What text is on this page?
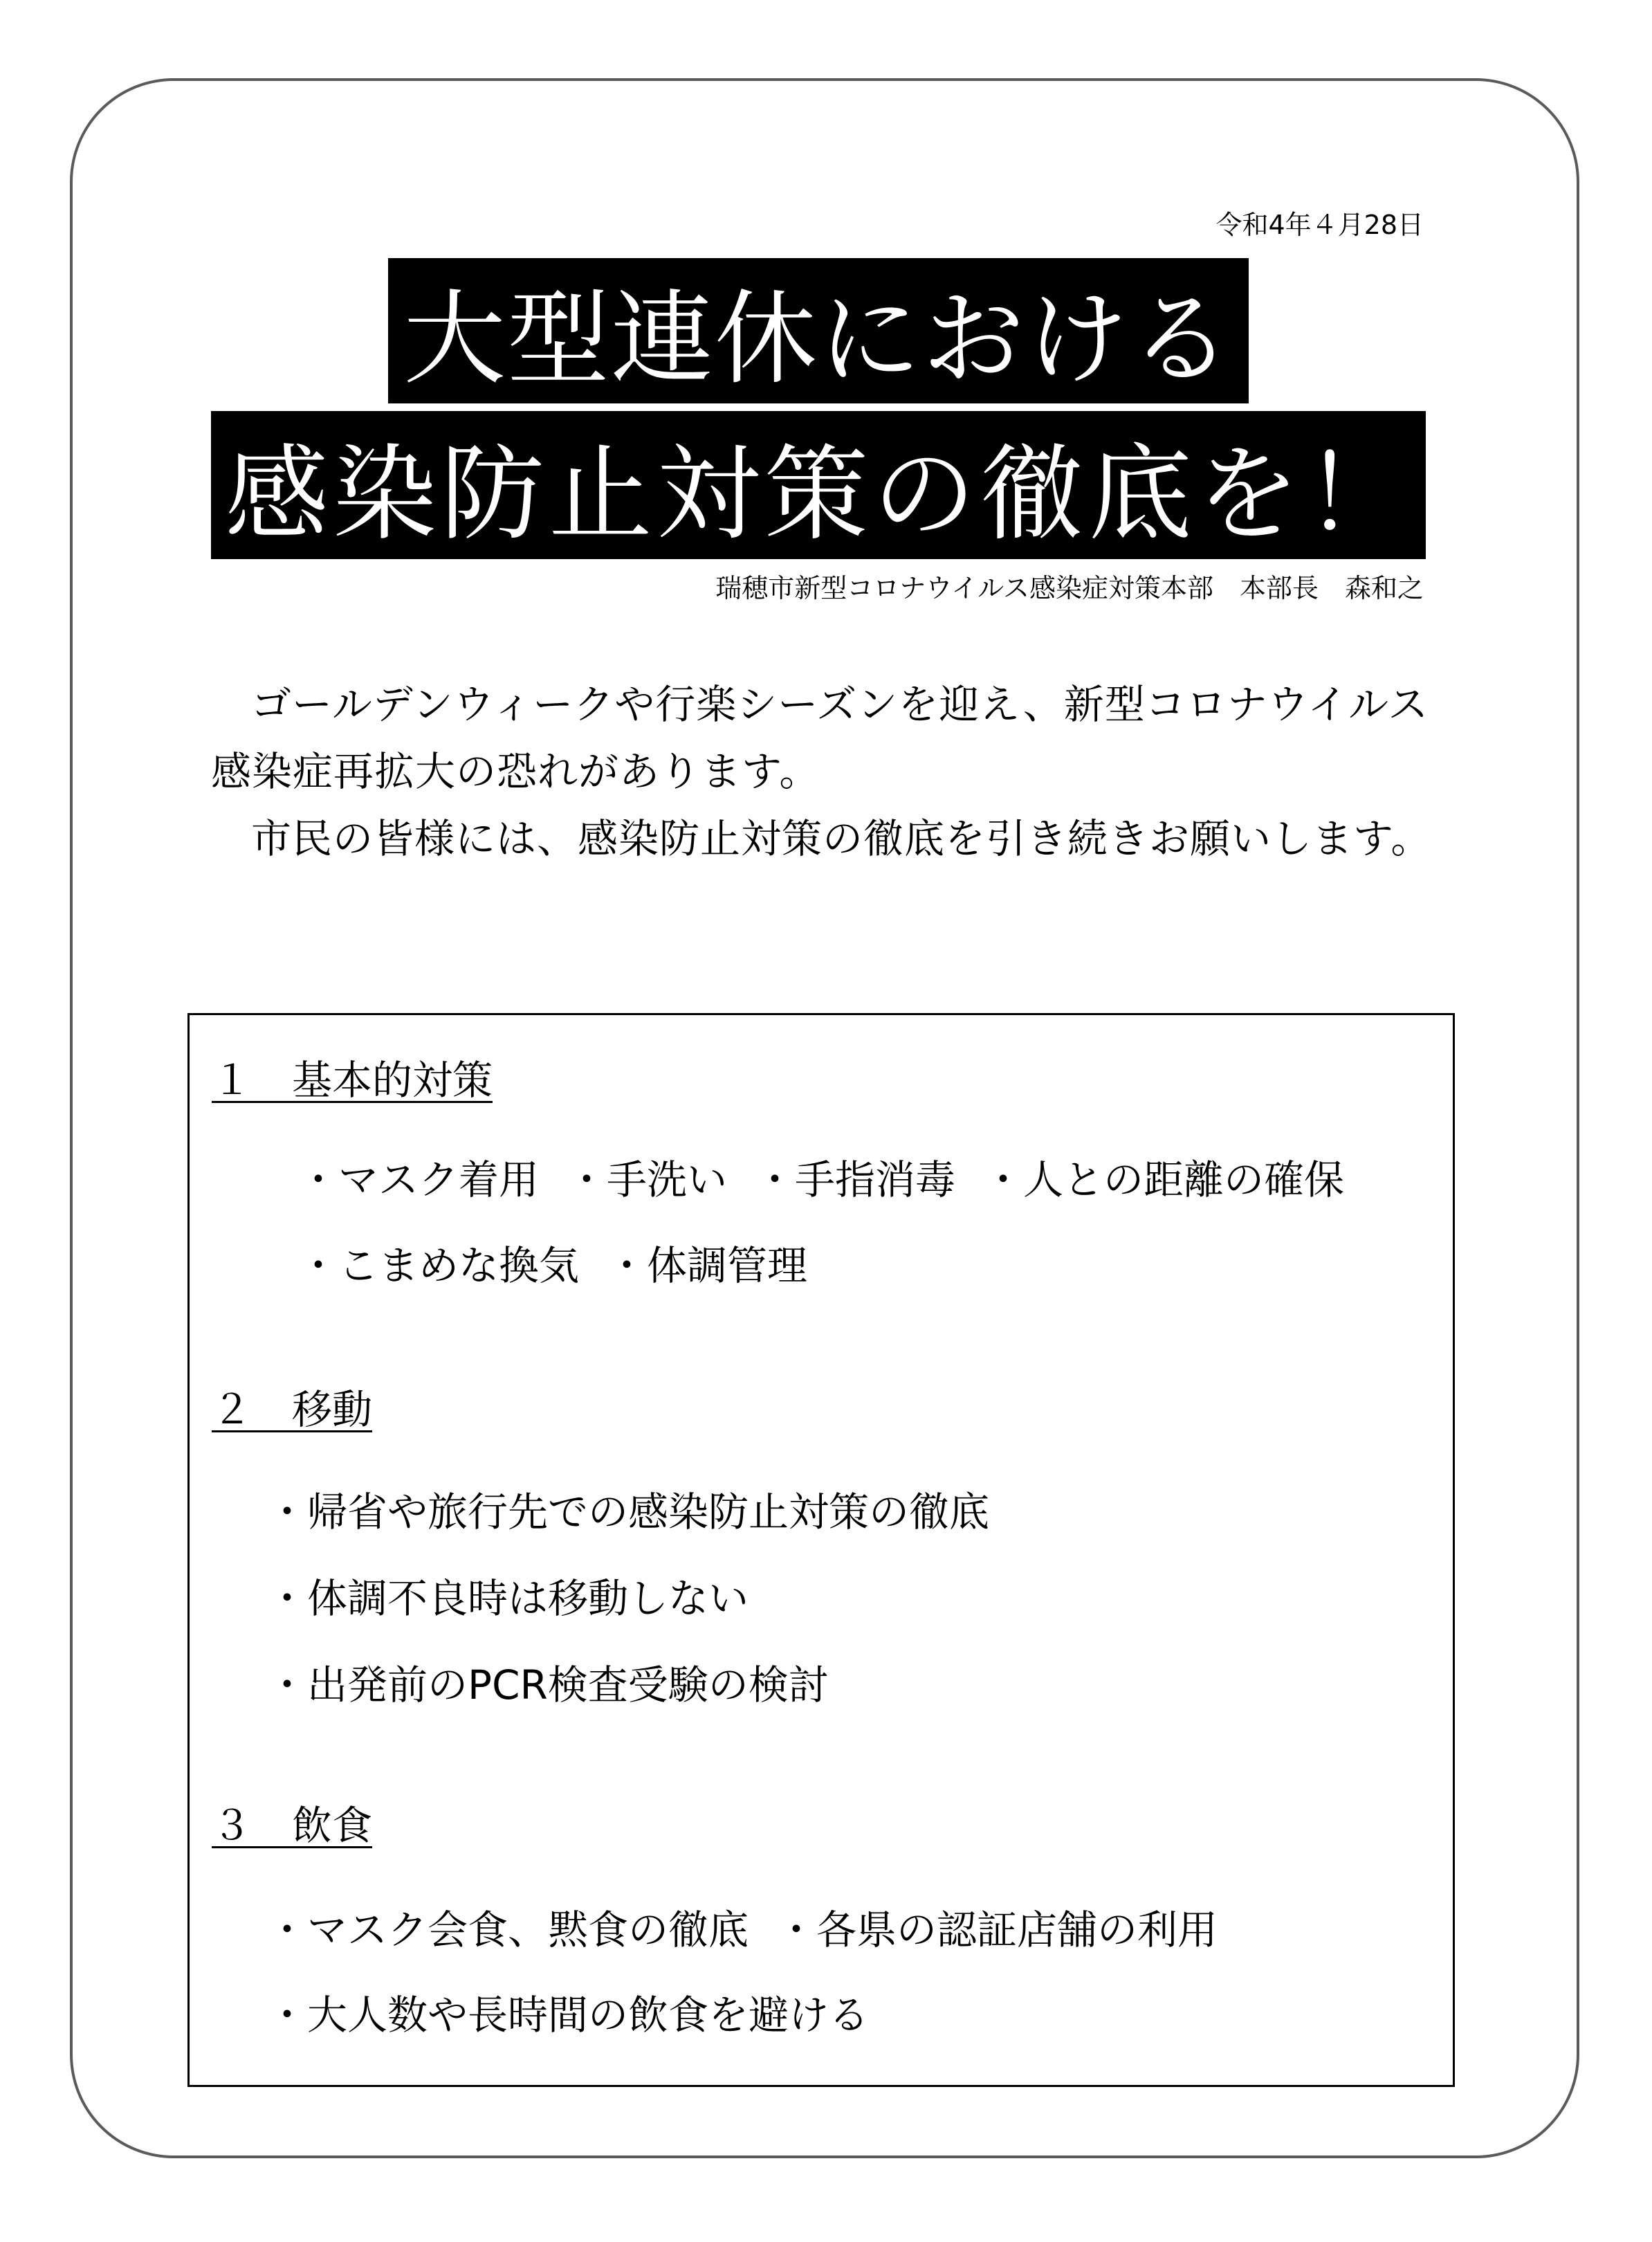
令和4年４月28日
大型連休における
感染防止対策の徹底を！
瑞穂市新型コロナウイルス感染症対策本部　本部長　森和之

ゴールデンウィークや行楽シーズンを迎え、新型コロナウイルス感染症再拡大の恐れがあります。

市民の皆様には、感染防止対策の徹底を引き続きお願いします。

１　基本的対策
・マスク着用 ・手洗い ・手指消毒 ・人との距離の確保
・こまめな換気 ・体調管理
２　移動
・帰省や旅行先での感染防止対策の徹底
・体調不良時は移動しない
・出発前のPCR検査受験の検討
３　飲食
・マスク会食、黙食の徹底 ・各県の認証店舗の利用
・大人数や長時間の飲食を避ける
